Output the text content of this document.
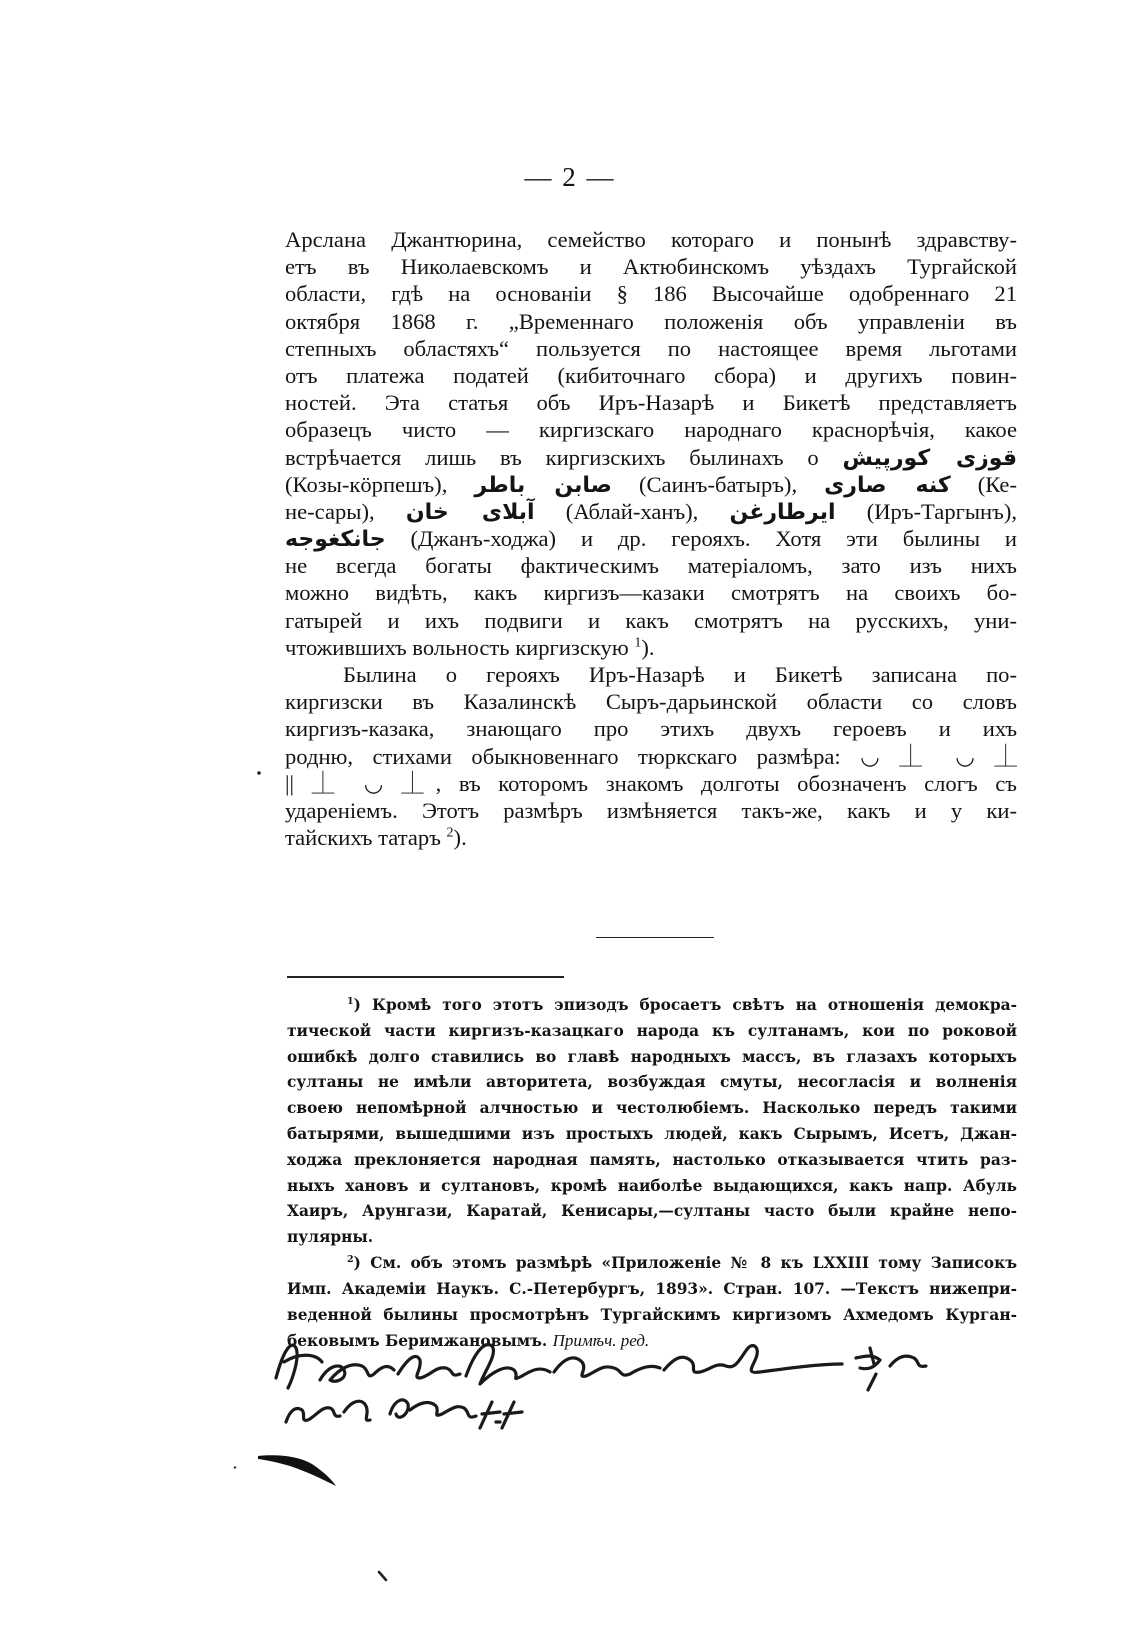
— 2 —
Арслана Джантюрина, семейство котораго и понынѣ здравству-
етъ въ Николаевскомъ и Актюбинскомъ уѣздахъ Тургайской
области, гдѣ на основаніи § 186 Высочайше одобреннаго 21
октября 1868 г. „Временнаго положенія объ управленіи въ
степныхъ областяхъ“ пользуется по настоящее время льготами
отъ платежа податей (кибиточнаго сбора) и другихъ повин-
ностей. Эта статья объ Иръ-Назарѣ и Бикетѣ представляетъ
образецъ чисто — киргизскаго народнаго краснорѣчія, какое
встрѣчается лишь въ киргизскихъ былинахъ о قوزی کورپیش
(Козы-кöрпешъ), صابن باطر (Саинъ-батыръ), کنه صاری (Ке-
не-сары), آبلای خان (Аблай-ханъ), ایرطارغن (Иръ-Таргынъ),
جانکغوجه (Джанъ-ходжа) и др. герояхъ. Хотя эти былины и
не всегда богаты фактическимъ матеріаломъ, зато изъ нихъ
можно видѣть, какъ киргизъ—казаки смотрятъ на своихъ бо-
гатырей и ихъ подвиги и какъ смотрятъ на русскихъ, уни-
чтожившихъ вольность киргизскую $^1$).
Былина о герояхъ Иръ-Назарѣ и Бикетѣ записана по-
киргизски въ Казалинскѣ Сыръ-дарьинской области со словъ
киргизъ-казака, знающаго про этихъ двухъ героевъ и ихъ
родню, стихами обыкновеннаго тюркскаго размѣра: ◡ ⏊ ◡ ⏊
|| ⏊ ◡ ⏊, въ которомъ знакомъ долготы обозначенъ слогъ съ
удареніемъ. Этотъ размѣръ измѣняется такъ-же, какъ и у ки-
тайскихъ татаръ $^2$).
$^1$) Кромѣ того этотъ эпизодъ бросаетъ свѣтъ на отношенія демокра-
тической части киргизъ-казацкаго народа къ султанамъ, кои по роковой
ошибкѣ долго ставились во главѣ народныхъ массъ, въ глазахъ которыхъ
султаны не имѣли авторитета, возбуждая смуты, несогласія и волненія
своею непомѣрной алчностью и честолюбіемъ. Насколько передъ такими
батырями, вышедшими изъ простыхъ людей, какъ Сырымъ, Исетъ, Джан-
ходжа преклоняется народная память, настолько отказывается чтить раз-
ныхъ хановъ и султановъ, кромѣ наиболѣе выдающихся, какъ напр. Абуль
Хаиръ, Арунгази, Каратай, Кенисары,—султаны часто были крайне непо-
пулярны.
$^2$) См. объ этомъ размѣрѣ «Приложеніе № 8 къ LXXIII тому Записокъ
Имп. Академіи Наукъ. С.-Петербургъ, 1893». Стран. 107. —Текстъ нижепри-
веденной былины просмотрѣнъ Тургайскимъ киргизомъ Ахмедомъ Курган-
бековымъ Беримжановымъ. Примѣч. ред.
